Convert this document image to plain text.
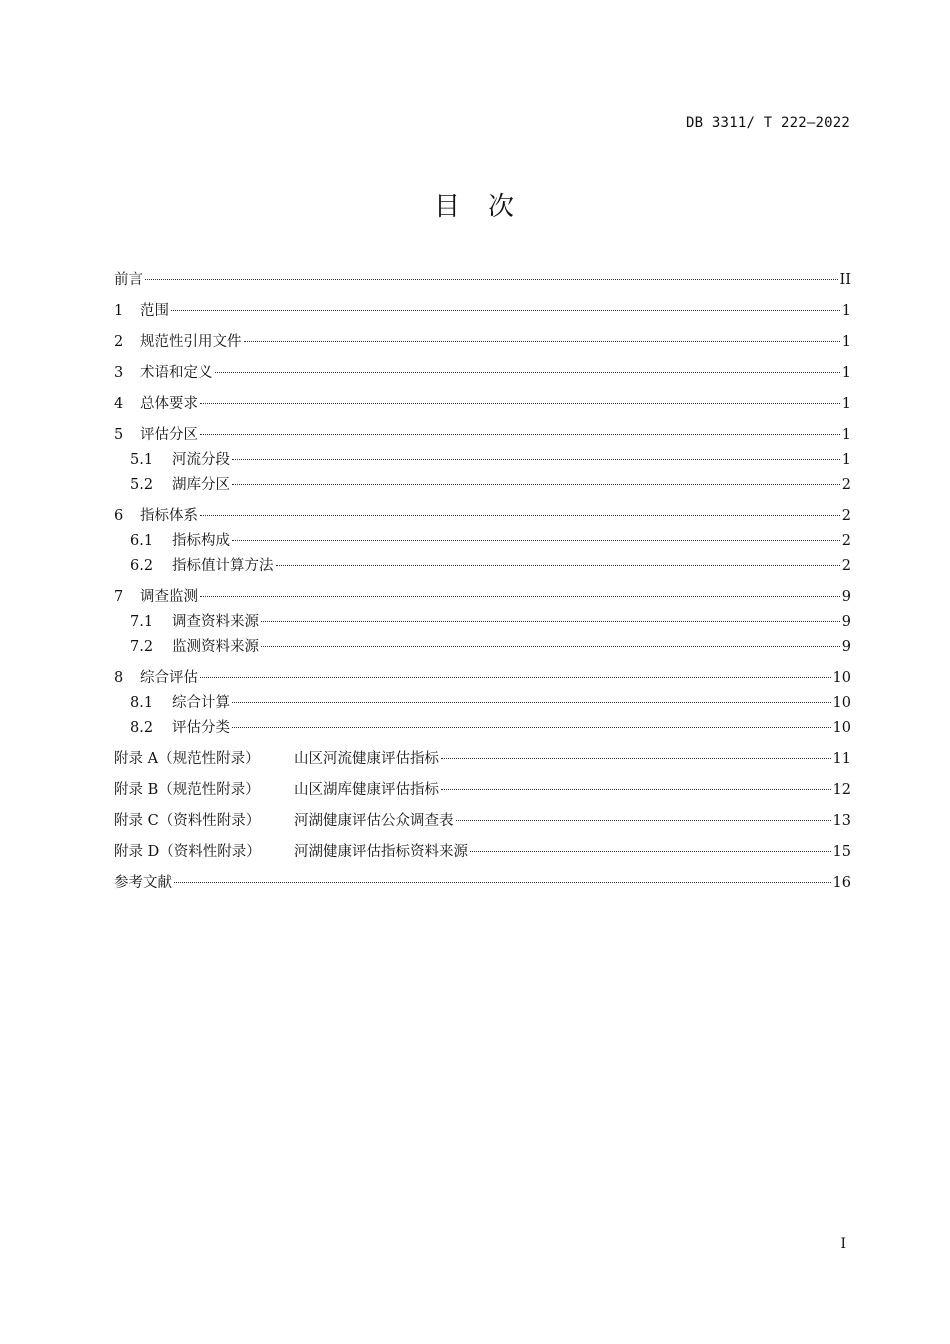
DB 3311/ T 222—2022
目 次
前言	II
1	范围	1
2	规范性引用文件	1
3	术语和定义	1
4	总体要求	1
5	评估分区	1
5.1	河流分段	1
5.2	湖库分区	2
6	指标体系	2
6.1	指标构成	2
6.2	指标值计算方法	2
7	调查监测	9
7.1	调查资料来源	9
7.2	监测资料来源	9
8	综合评估	10
8.1	综合计算	10
8.2	评估分类	10
附录 A（规范性附录）	山区河流健康评估指标	11
附录 B（规范性附录）	山区湖库健康评估指标	12
附录 C（资料性附录）	河湖健康评估公众调查表	13
附录 D（资料性附录）	河湖健康评估指标资料来源	15
参考文献	16
I
